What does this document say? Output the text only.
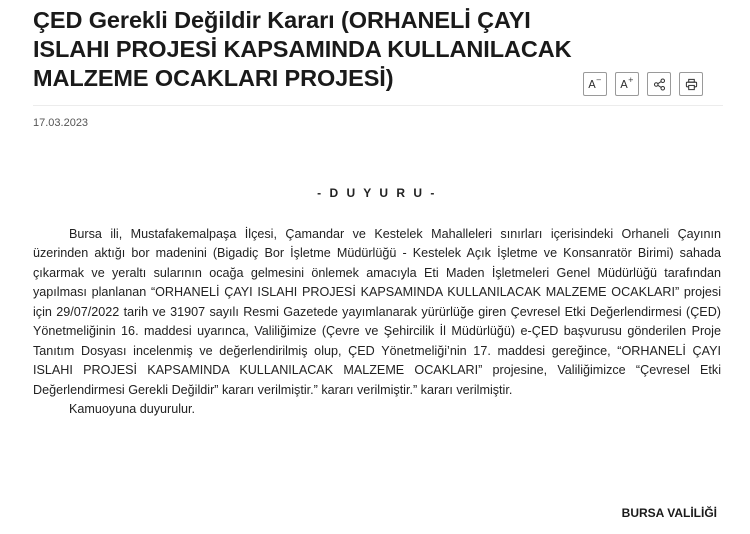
ÇED Gerekli Değildir Kararı (ORHANELİ ÇAYI ISLAHI PROJESİ KAPSAMINDA KULLANILACAK MALZEME OCAKLARI PROJESİ)	A− A+
17.03.2023
- D U Y U R U -

Bursa ili, Mustafakemalpaşa İlçesi, Çamandar ve Kestelek Mahalleleri sınırları içerisindeki Orhaneli Çayının üzerinden aktığı bor madenini (Bigadiç Bor İşletme Müdürlüğü - Kestelek Açık İşletme ve Konsanratör Birimi) sahada çıkarmak ve yeraltı sularının ocağa gelmesini önlemek amacıyla Eti Maden İşletmeleri Genel Müdürlüğü tarafından yapılması planlanan “ORHANELİ ÇAYI ISLAHI PROJESİ KAPSAMINDA KULLANILACAK MALZEME OCAKLARI” projesi için 29/07/2022 tarih ve 31907 sayılı Resmi Gazetede yayımlanarak yürürlüğe giren Çevresel Etki Değerlendirmesi (ÇED) Yönetmeliğinin 16. maddesi uyarınca, Valiliğimize (Çevre ve Şehircilik İl Müdürlüğü) e-ÇED başvurusu gönderilen Proje Tanıtım Dosyası incelenmiş ve değerlendirilmiş olup, ÇED Yönetmeliği’nin 17. maddesi gereğince, “ORHANELİ ÇAYI ISLAHI PROJESİ KAPSAMINDA KULLANILACAK MALZEME OCAKLARI” projesine, Valiliğimizce “Çevresel Etki Değerlendirmesi Gerekli Değildir” kararı verilmiştir.” kararı verilmiştir.” kararı verilmiştir.

Kamuoyuna duyurulur.

BURSA VALİLİĞİ
